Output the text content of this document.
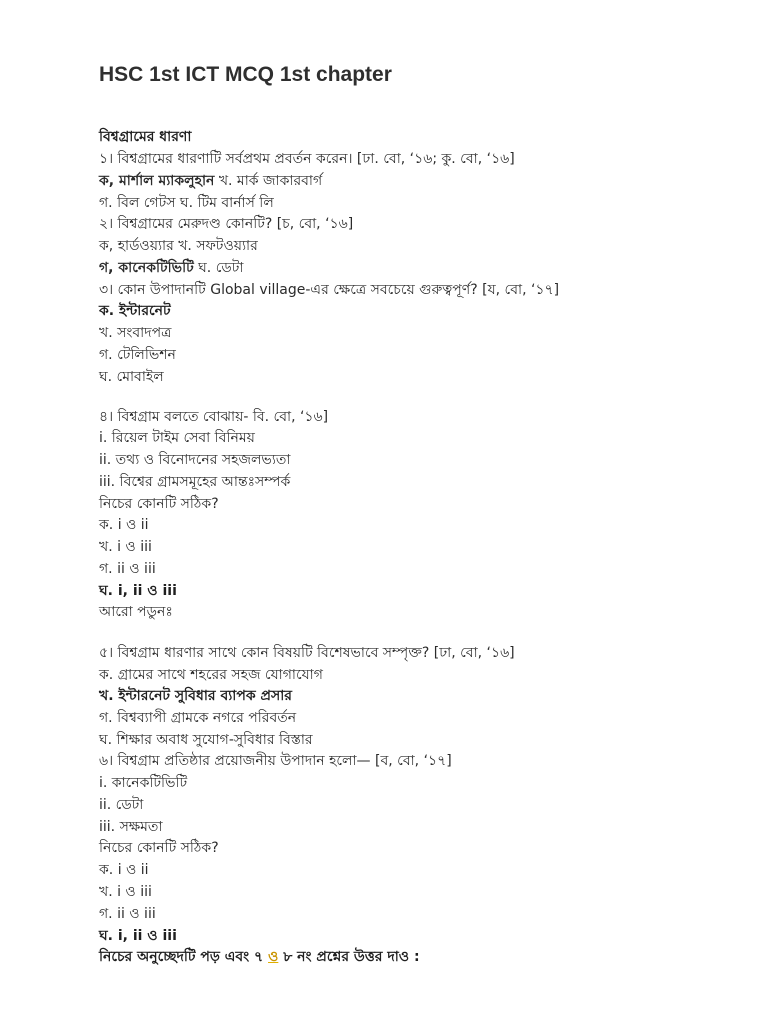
HSC 1st ICT MCQ 1st chapter
বিশ্বগ্রামের ধারণা
১। বিশ্বগ্রামের ধারণাটি সর্বপ্রথম প্রবর্তন করেন। [ঢা. বাে, ‘১৬; কু. বাে, ‘১৬]
ক, মার্শাল ম্যাকলুহান খ. মার্ক জাকারবার্গ
গ. বিল গেটস ঘ. টিম বার্নার্স লি
২। বিশ্বগ্রামের মেরুদণ্ড কোনটি? [চ, বাে, ‘১৬]
ক, হার্ডওয়্যার খ. সফটওয়্যার
গ, কানেকটিভিটি ঘ. ডেটা
৩। কোন উপাদানটি Global village-এর ক্ষেত্রে সবচেয়ে গুরুত্বপূর্ণ? [য, বাে, ‘১৭]
ক. ইন্টারনেট
খ. সংবাদপত্র
গ. টেলিভিশন
ঘ. মােবাইল
৪। বিশ্বগ্রাম বলতে বােঝায়- বি. বাে, ‘১৬]
i. রিয়েল টাইম সেবা বিনিময়
ii. তথ্য ও বিনােদনের সহজলভ্যতা
iii. বিশ্বের গ্রামসমূহের আন্তঃসম্পর্ক
নিচের কোনটি সঠিক?
ক. i ও ii
খ. i ও iii
গ. ii ও iii
ঘ. i, ii ও iii
আরো পডুনঃ
৫। বিশ্বগ্রাম ধারণার সাথে কোন বিষয়টি বিশেষভাবে সম্পৃক্ত? [ঢা, বাে, ‘১৬]
ক. গ্রামের সাথে শহরের সহজ যােগাযােগ
খ. ইন্টারনেট সুবিধার ব্যাপক প্রসার
গ. বিশ্বব্যাপী গ্রামকে নগরে পরিবর্তন
ঘ. শিক্ষার অবাধ সুযােগ-সুবিধার বিস্তার
৬। বিশ্বগ্রাম প্রতিষ্ঠার প্রয়ােজনীয় উপাদান হলাে— [ব, বাে, ‘১৭]
i. কানেকটিভিটি
ii. ডেটা
iii. সক্ষমতা
নিচের কোনটি সঠিক?
ক. i ও ii
খ. i ও iii
গ. ii ও iii
ঘ. i, ii ও iii
নিচের অনুচ্ছেদটি পড় এবং ৭ ও ৮ নং প্রশ্নের উত্তর দাও :
